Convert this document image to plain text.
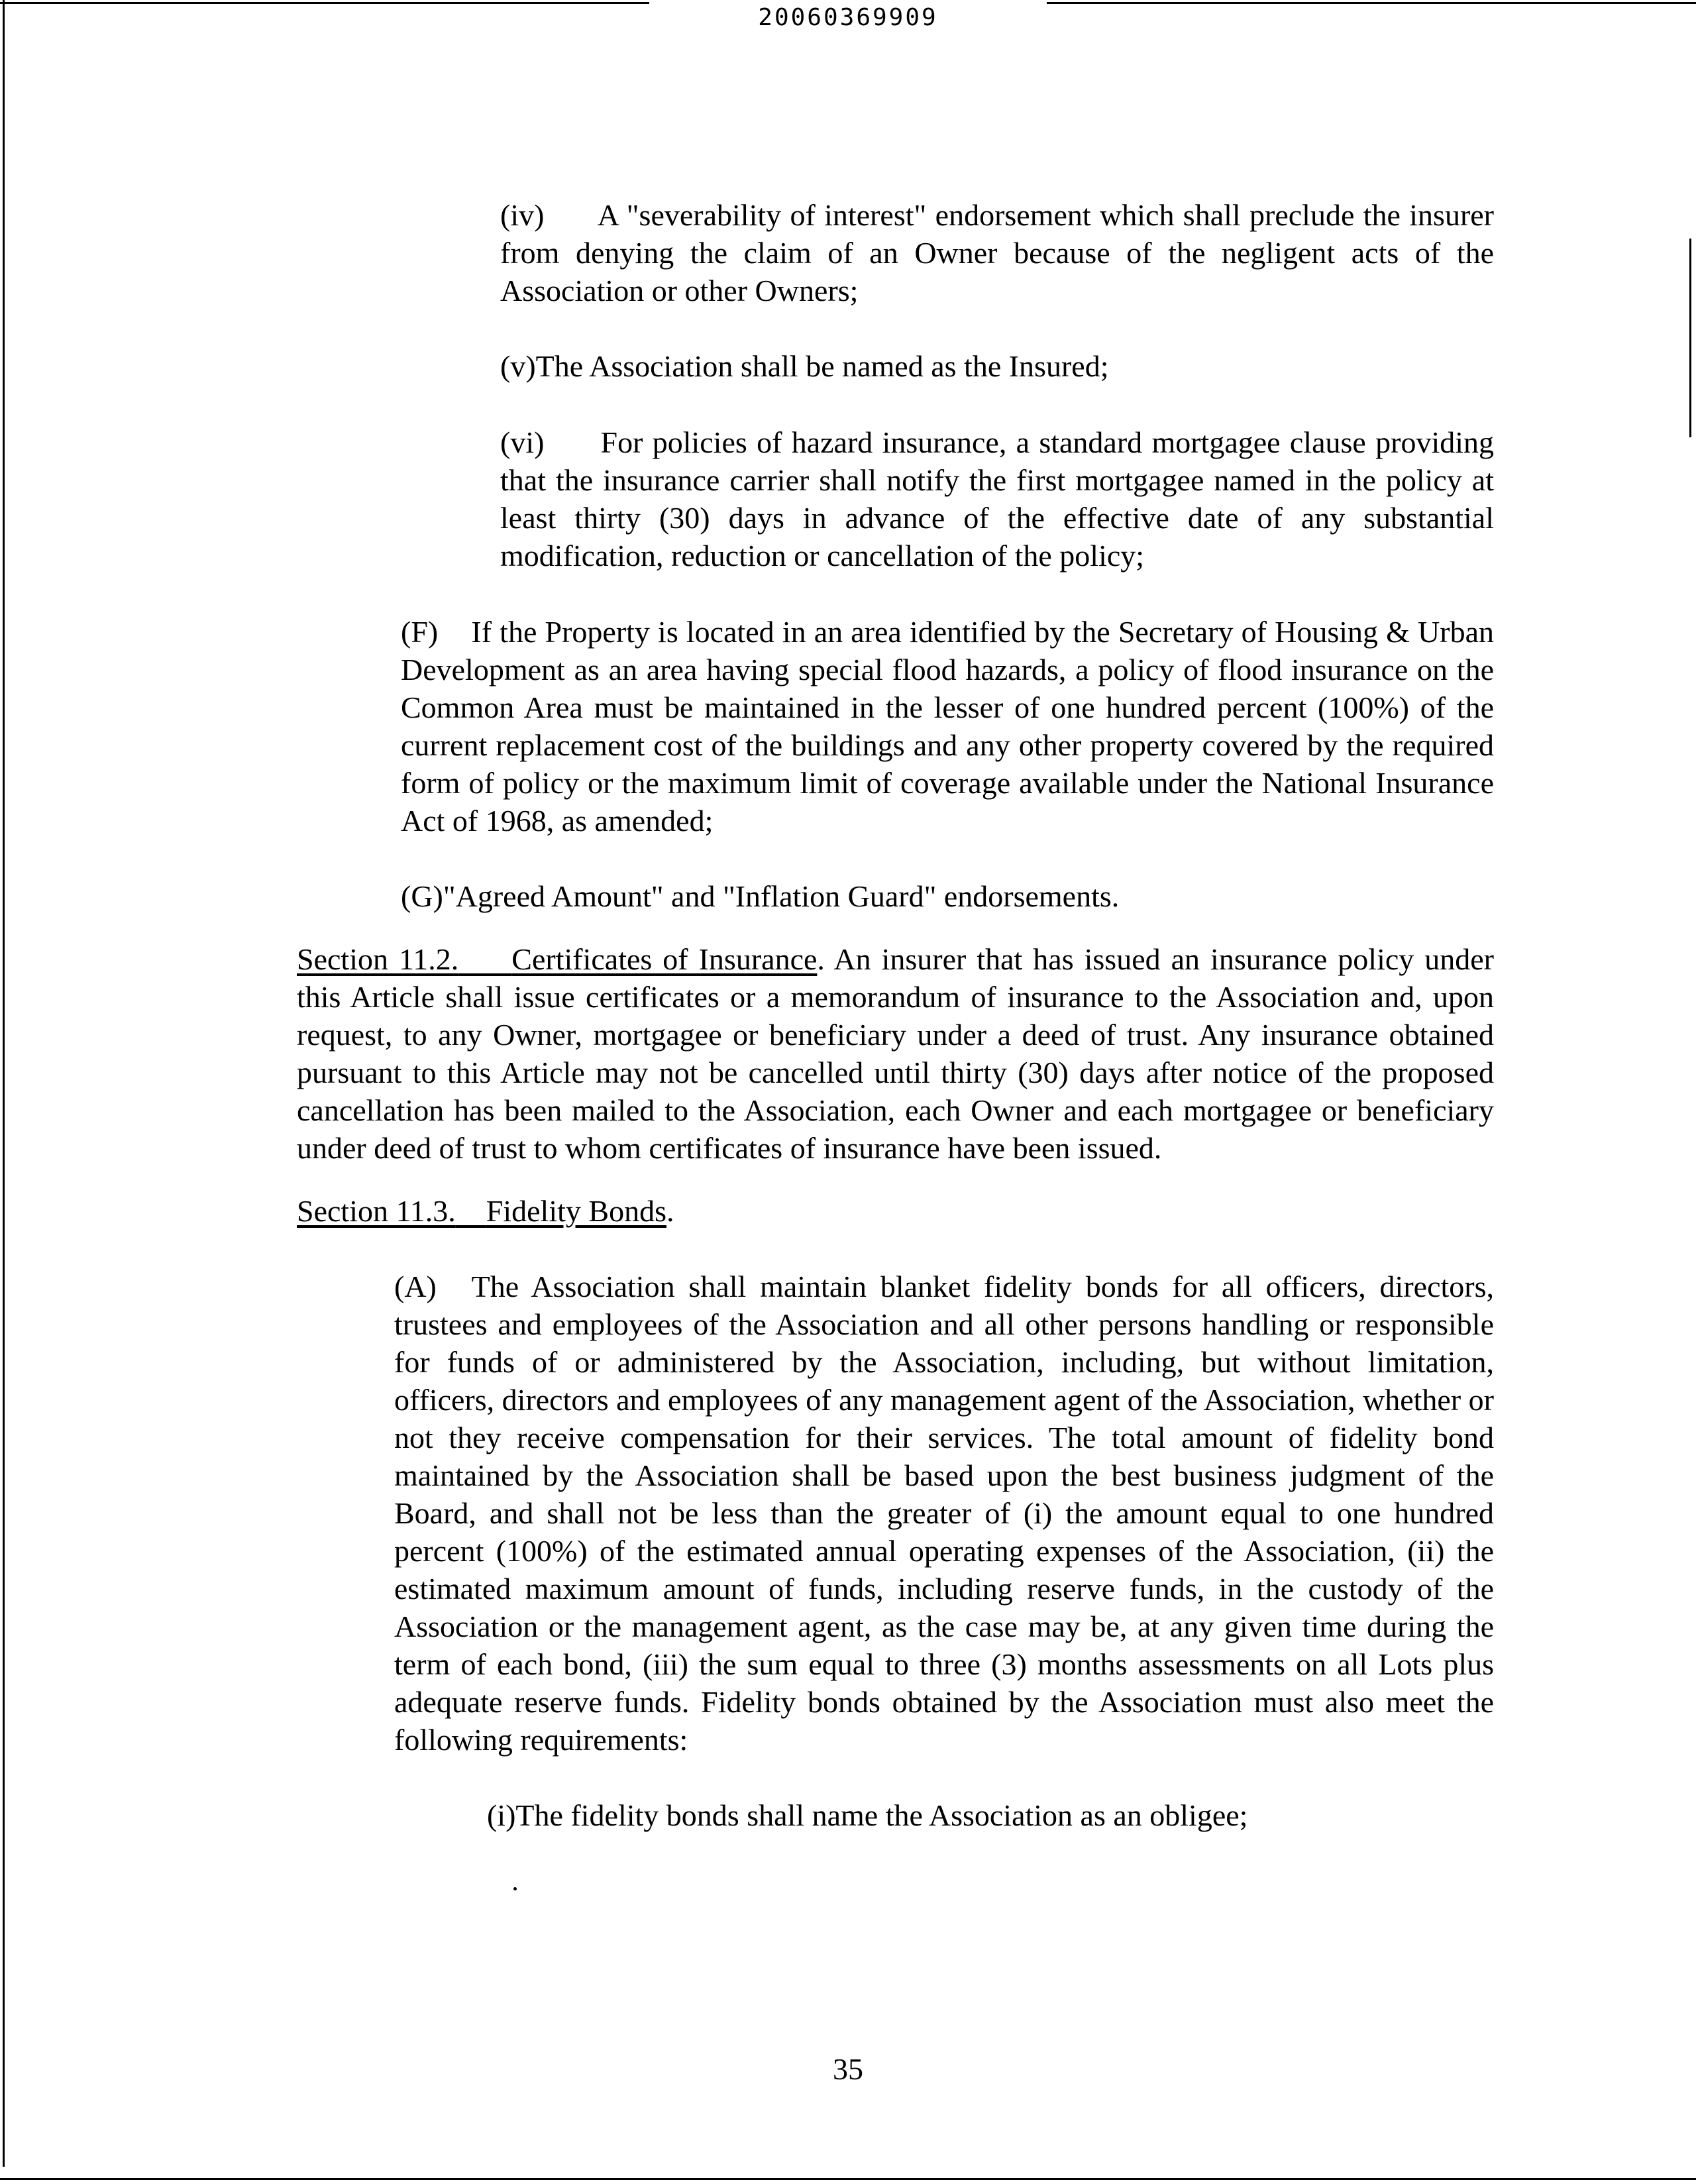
20060369909

(iv) A "severability of interest" endorsement which shall preclude the insurer from denying the claim of an Owner because of the negligent acts of the Association or other Owners;

(v)The Association shall be named as the Insured;

(vi) For policies of hazard insurance, a standard mortgagee clause providing that the insurance carrier shall notify the first mortgagee named in the policy at least thirty (30) days in advance of the effective date of any substantial modification, reduction or cancellation of the policy;

(F) If the Property is located in an area identified by the Secretary of Housing & Urban Development as an area having special flood hazards, a policy of flood insurance on the Common Area must be maintained in the lesser of one hundred percent (100%) of the current replacement cost of the buildings and any other property covered by the required form of policy or the maximum limit of coverage available under the National Insurance Act of 1968, as amended;

(G)"Agreed Amount" and "Inflation Guard" endorsements.

Section 11.2. Certificates of Insurance. An insurer that has issued an insurance policy under this Article shall issue certificates or a memorandum of insurance to the Association and, upon request, to any Owner, mortgagee or beneficiary under a deed of trust. Any insurance obtained pursuant to this Article may not be cancelled until thirty (30) days after notice of the proposed cancellation has been mailed to the Association, each Owner and each mortgagee or beneficiary under deed of trust to whom certificates of insurance have been issued.

Section 11.3. Fidelity Bonds.

(A) The Association shall maintain blanket fidelity bonds for all officers, directors, trustees and employees of the Association and all other persons handling or responsible for funds of or administered by the Association, including, but without limitation, officers, directors and employees of any management agent of the Association, whether or not they receive compensation for their services. The total amount of fidelity bond maintained by the Association shall be based upon the best business judgment of the Board, and shall not be less than the greater of (i) the amount equal to one hundred percent (100%) of the estimated annual operating expenses of the Association, (ii) the estimated maximum amount of funds, including reserve funds, in the custody of the Association or the management agent, as the case may be, at any given time during the term of each bond, (iii) the sum equal to three (3) months assessments on all Lots plus adequate reserve funds. Fidelity bonds obtained by the Association must also meet the following requirements:

(i)The fidelity bonds shall name the Association as an obligee;

35
